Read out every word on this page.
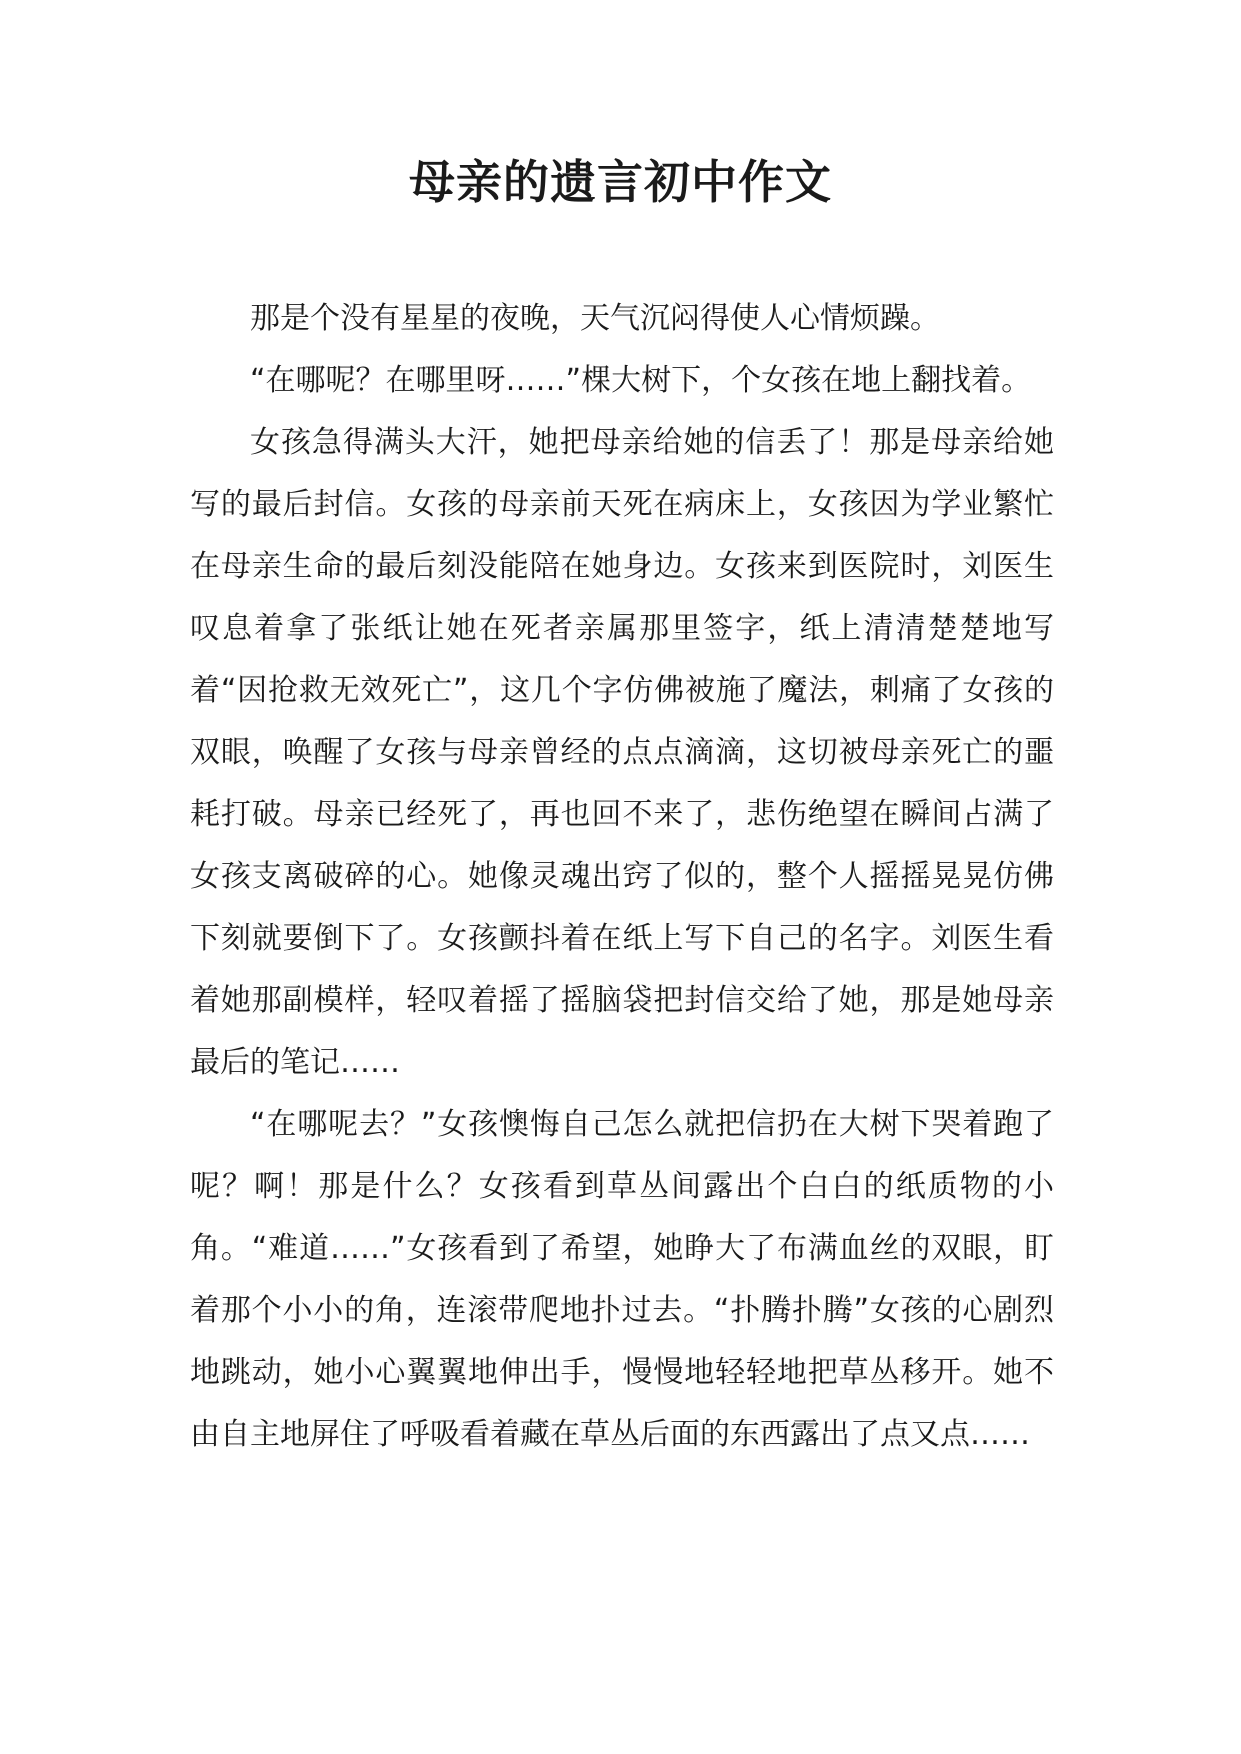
母亲的遗言初中作文

那是个没有星星的夜晚，天气沉闷得使人心情烦躁。

“在哪呢？在哪里呀……”棵大树下，个女孩在地上翻找着。

女孩急得满头大汗，她把母亲给她的信丢了！那是母亲给她写的最后封信。女孩的母亲前天死在病床上，女孩因为学业繁忙在母亲生命的最后刻没能陪在她身边。女孩来到医院时，刘医生叹息着拿了张纸让她在死者亲属那里签字，纸上清清楚楚地写着“因抢救无效死亡”，这几个字仿佛被施了魔法，刺痛了女孩的双眼，唤醒了女孩与母亲曾经的点点滴滴，这切被母亲死亡的噩耗打破。母亲已经死了，再也回不来了，悲伤绝望在瞬间占满了女孩支离破碎的心。她像灵魂出窍了似的，整个人摇摇晃晃仿佛下刻就要倒下了。女孩颤抖着在纸上写下自己的名字。刘医生看着她那副模样，轻叹着摇了摇脑袋把封信交给了她，那是她母亲最后的笔记……

“在哪呢去？”女孩懊悔自己怎么就把信扔在大树下哭着跑了呢？啊！那是什么？女孩看到草丛间露出个白白的纸质物的小角。“难道……”女孩看到了希望，她睁大了布满血丝的双眼，盯着那个小小的角，连滚带爬地扑过去。“扑腾扑腾”女孩的心剧烈地跳动，她小心翼翼地伸出手，慢慢地轻轻地把草丛移开。她不由自主地屏住了呼吸看着藏在草丛后面的东西露出了点又点……
